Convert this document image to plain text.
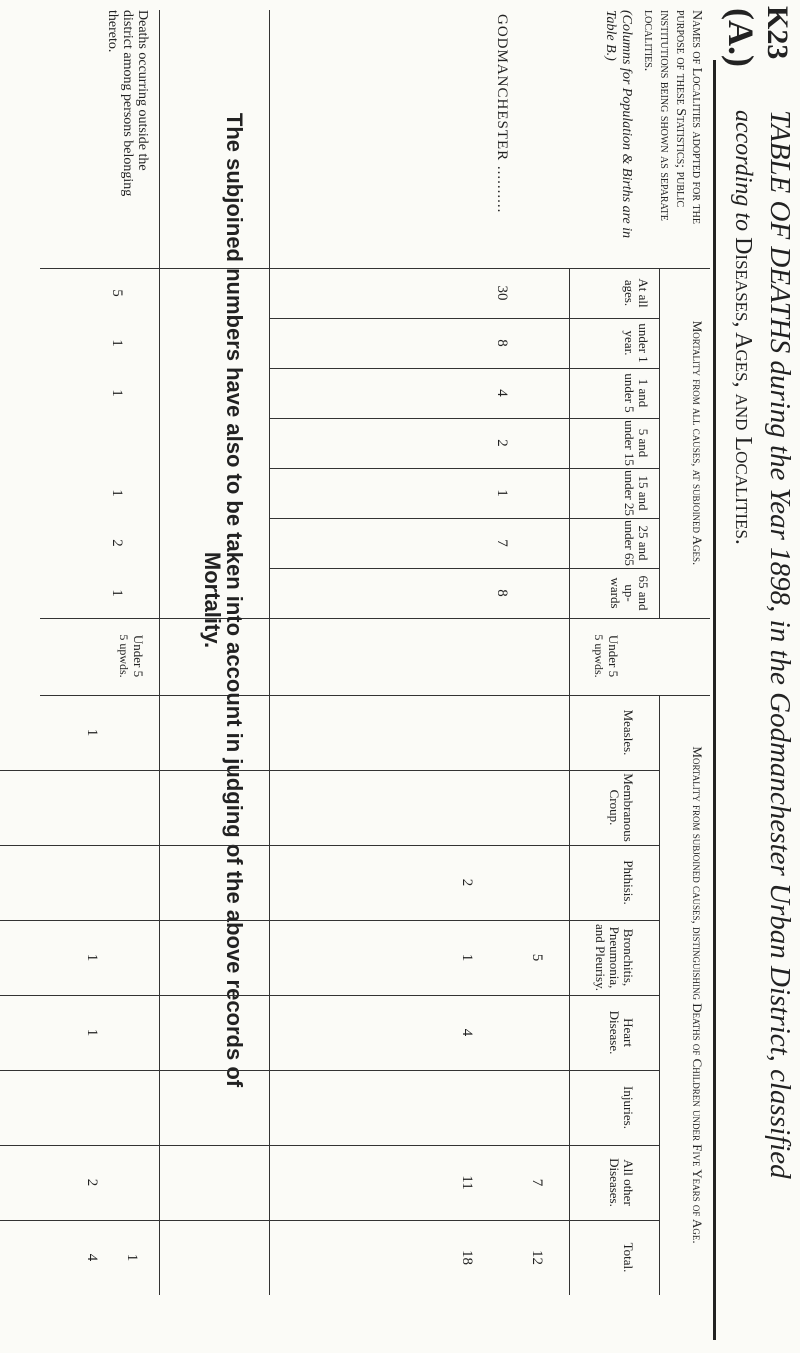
K23
(A.)
TABLE OF DEATHS during the Year 1898, in the Godmanchester Urban District, classified
according to Diseases, Ages, and Localities.
Names of Localities adopted for the purpose of these Statistics; public institutions being shown as separate localities.
(Columns for Population & Births are in Table B.)
Mortality from all causes, at subjoined Ages.
Under 5
5 upwds.
Mortality from subjoined causes, distinguishing Deaths of Children under Five Years of Age.
GODMANCHESTER ..........
The subjoined numbers have also to be taken into account in judging of the above records of Mortality.
Deaths occurring outside the district among persons belonging thereto.
Under 5
5 upwds.
At all ages.
30
5
under 1 year.
8
1
1 and under 5
4
1
5 and under 15
2
15 and under 25
1
1
25 and under 65
7
2
65 and up-wards
8
1
Measles.
1
Membranous Croup.
Phthisis.
2
Bronchitis, Pneumonia, and Pleurisy.
5
1
1
Heart Disease.
4
1
Injuries.
All other Diseases.
7
11
2
Total.
12
18
1
4
